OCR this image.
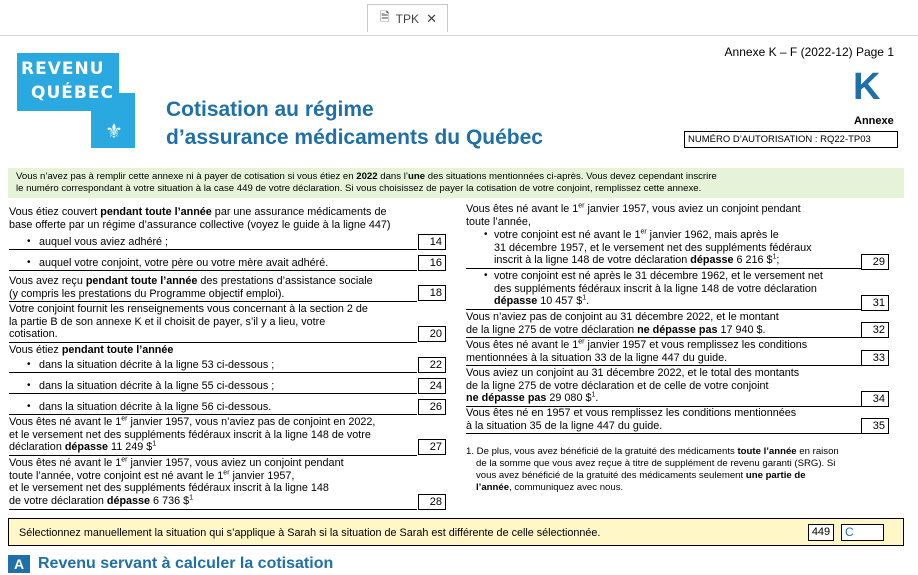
🗎 TPK ✕
REVENU
QUÉBEC
⚜
Cotisation au régime
d’assurance médicaments du Québec
Annexe K – F (2022-12) Page 1
K
Annexe
NUMÉRO D’AUTORISATION : RQ22-TP03
Vous n’avez pas à remplir cette annexe ni à payer de cotisation si vous étiez en 2022 dans l’une des situations mentionnées ci-après. Vous devez cependant inscrire
le numéro correspondant à votre situation à la case 449 de votre déclaration. Si vous choisissez de payer la cotisation de votre conjoint, remplissez cette annexe.
Vous étiez couvert pendant toute l’année par une assurance médicaments de
base offerte par un régime d’assurance collective (voyez le guide à la ligne 447)
• auquel vous aviez adhéré ;	14
• auquel votre conjoint, votre père ou votre mère avait adhéré.	16
Vous avez reçu pendant toute l’année des prestations d’assistance sociale
(y compris les prestations du Programme objectif emploi).	18
Votre conjoint fournit les renseignements vous concernant à la section 2 de
la partie B de son annexe K et il choisit de payer, s’il y a lieu, votre
cotisation.	20
Vous étiez pendant toute l’année
• dans la situation décrite à la ligne 53 ci-dessous ;	22
• dans la situation décrite à la ligne 55 ci-dessous ;	24
• dans la situation décrite à la ligne 56 ci-dessous.	26
Vous êtes né avant le 1er janvier 1957, vous n’aviez pas de conjoint en 2022,
et le versement net des suppléments fédéraux inscrit à la ligne 148 de votre
déclaration dépasse 11 249 \$$^1$	27
Vous êtes né avant le 1er janvier 1957, vous aviez un conjoint pendant
toute l’année, votre conjoint est né avant le 1er janvier 1957,
et le versement net des suppléments fédéraux inscrit à la ligne 148
de votre déclaration dépasse 6 736 \$$^1$	28
Vous êtes né avant le 1er janvier 1957, vous aviez un conjoint pendant
toute l’année,
• votre conjoint est né avant le 1er janvier 1962, mais après le
31 décembre 1957, et le versement net des suppléments fédéraux
inscrit à la ligne 148 de votre déclaration dépasse 6 216 \$$^1$;	29
• votre conjoint est né après le 31 décembre 1962, et le versement net
des suppléments fédéraux inscrit à la ligne 148 de votre déclaration
dépasse 10 457 \$$^1$.	31
Vous n’aviez pas de conjoint au 31 décembre 2022, et le montant
de la ligne 275 de votre déclaration ne dépasse pas 17 940 $.	32
Vous êtes né avant le 1er janvier 1957 et vous remplissez les conditions
mentionnées à la situation 33 de la ligne 447 du guide.	33
Vous aviez un conjoint au 31 décembre 2022, et le total des montants
de la ligne 275 de votre déclaration et de celle de votre conjoint
ne dépasse pas 29 080 \$$^1$.	34
Vous êtes né en 1957 et vous remplissez les conditions mentionnées
à la situation 35 de la ligne 447 du guide.	35
1. De plus, vous avez bénéficié de la gratuité des médicaments toute l’année en raison
de la somme que vous avez reçue à titre de supplément de revenu garanti (SRG). Si
vous avez bénéficié de la gratuité des médicaments seulement une partie de
l’année, communiquez avec nous.
Sélectionnez manuellement la situation qui s’applique à Sarah si la situation de Sarah est différente de celle sélectionnée.	449	C
A Revenu servant à calculer la cotisation
